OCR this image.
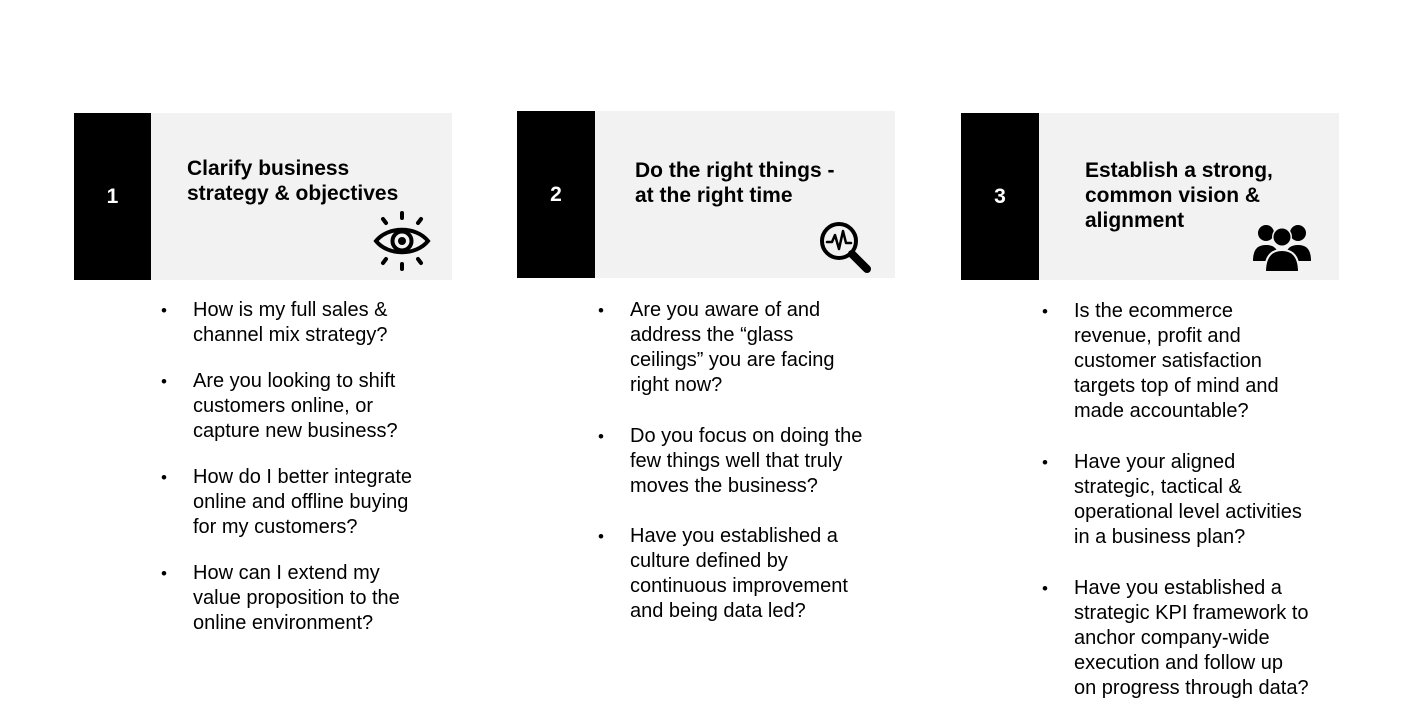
1
Clarify business
strategy & objectives
• How is my full sales &
channel mix strategy?
• Are you looking to shift
customers online, or
capture new business?
• How do I better integrate
online and offline buying
for my customers?
• How can I extend my
value proposition to the
online environment?
2
Do the right things -
at the right time
• Are you aware of and
address the “glass
ceilings” you are facing
right now?
• Do you focus on doing the
few things well that truly
moves the business?
• Have you established a
culture defined by
continuous improvement
and being data led?
3
Establish a strong,
common vision &
alignment
• Is the ecommerce
revenue, profit and
customer satisfaction
targets top of mind and
made accountable?
• Have your aligned
strategic, tactical &
operational level activities
in a business plan?
• Have you established a
strategic KPI framework to
anchor company-wide
execution and follow up
on progress through data?
